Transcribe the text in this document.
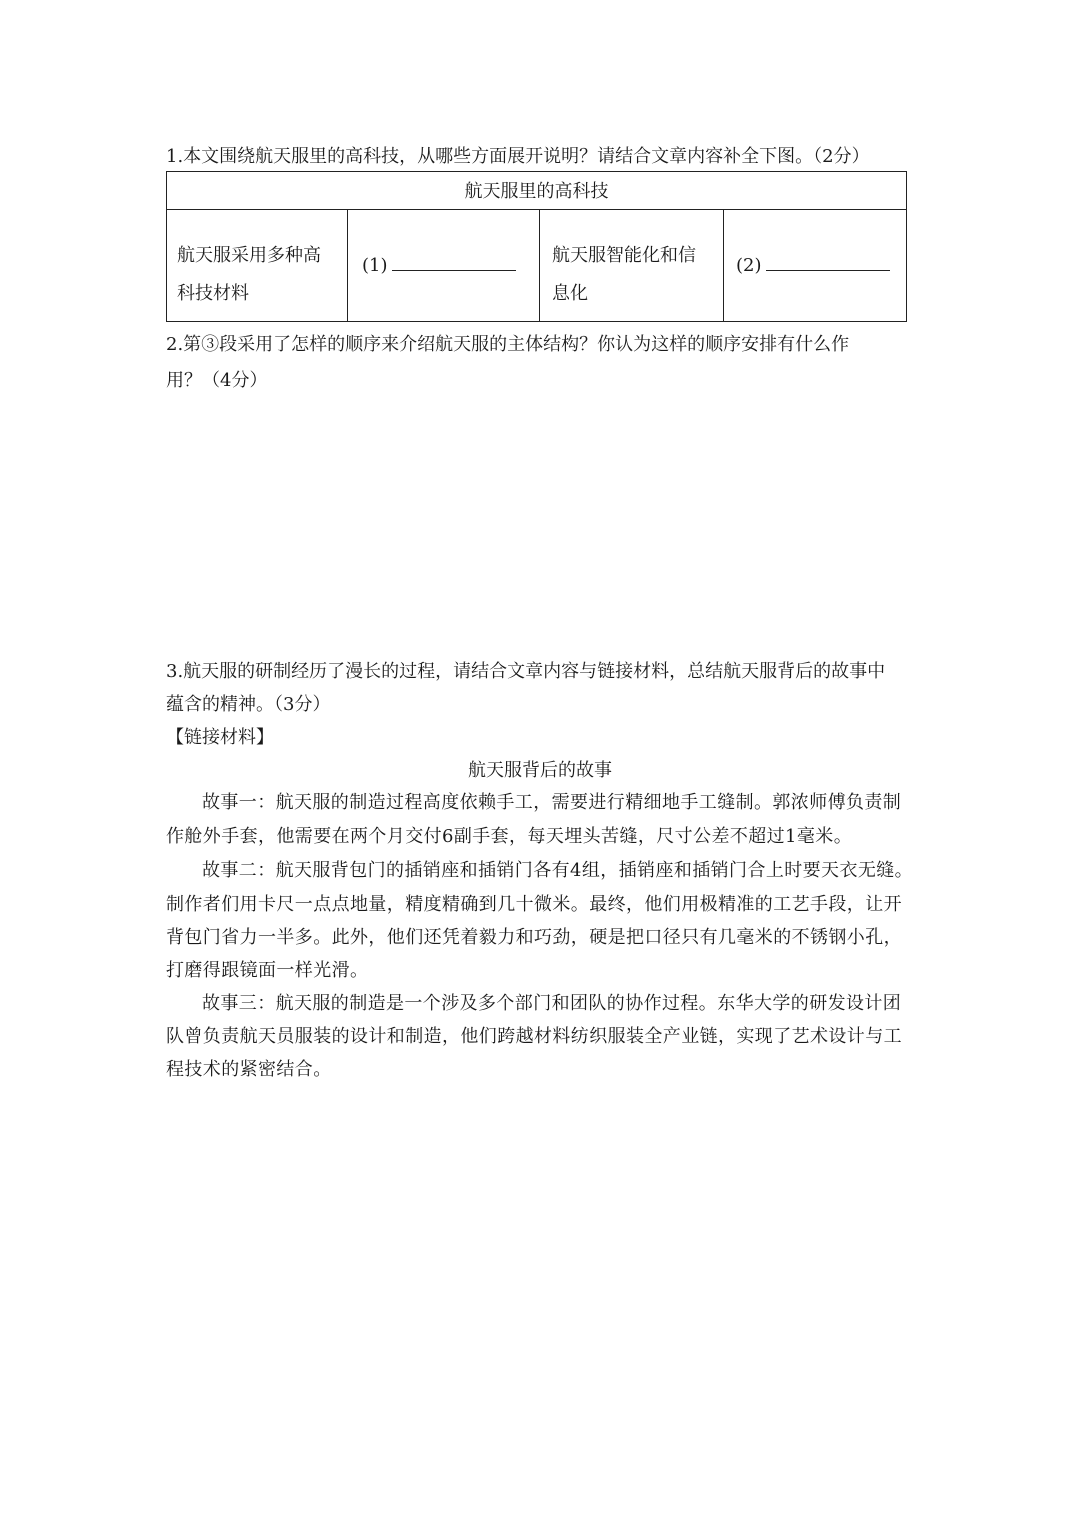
1.本文围绕航天服里的高科技，从哪些方面展开说明？请结合文章内容补全下图。（2分）
航天服里的高科技
航天服采用多种高
科技材料
(1)	航天服智能化和信
息化
(2)
2.第③段采用了怎样的顺序来介绍航天服的主体结构？你认为这样的顺序安排有什么作
用？（4分）
3.航天服的研制经历了漫长的过程，请结合文章内容与链接材料，总结航天服背后的故事中
蕴含的精神。（3分）
【链接材料】
航天服背后的故事
故事一：航天服的制造过程高度依赖手工，需要进行精细地手工缝制。郭浓师傅负责制
作舱外手套，他需要在两个月交付6副手套，每天埋头苦缝，尺寸公差不超过1毫米。
故事二：航天服背包门的插销座和插销门各有4组，插销座和插销门合上时要天衣无缝。
制作者们用卡尺一点点地量，精度精确到几十微米。最终，他们用极精准的工艺手段，让开
背包门省力一半多。此外，他们还凭着毅力和巧劲，硬是把口径只有几毫米的不锈钢小孔，
打磨得跟镜面一样光滑。
故事三：航天服的制造是一个涉及多个部门和团队的协作过程。东华大学的研发设计团
队曾负责航天员服装的设计和制造，他们跨越材料纺织服装全产业链，实现了艺术设计与工
程技术的紧密结合。
